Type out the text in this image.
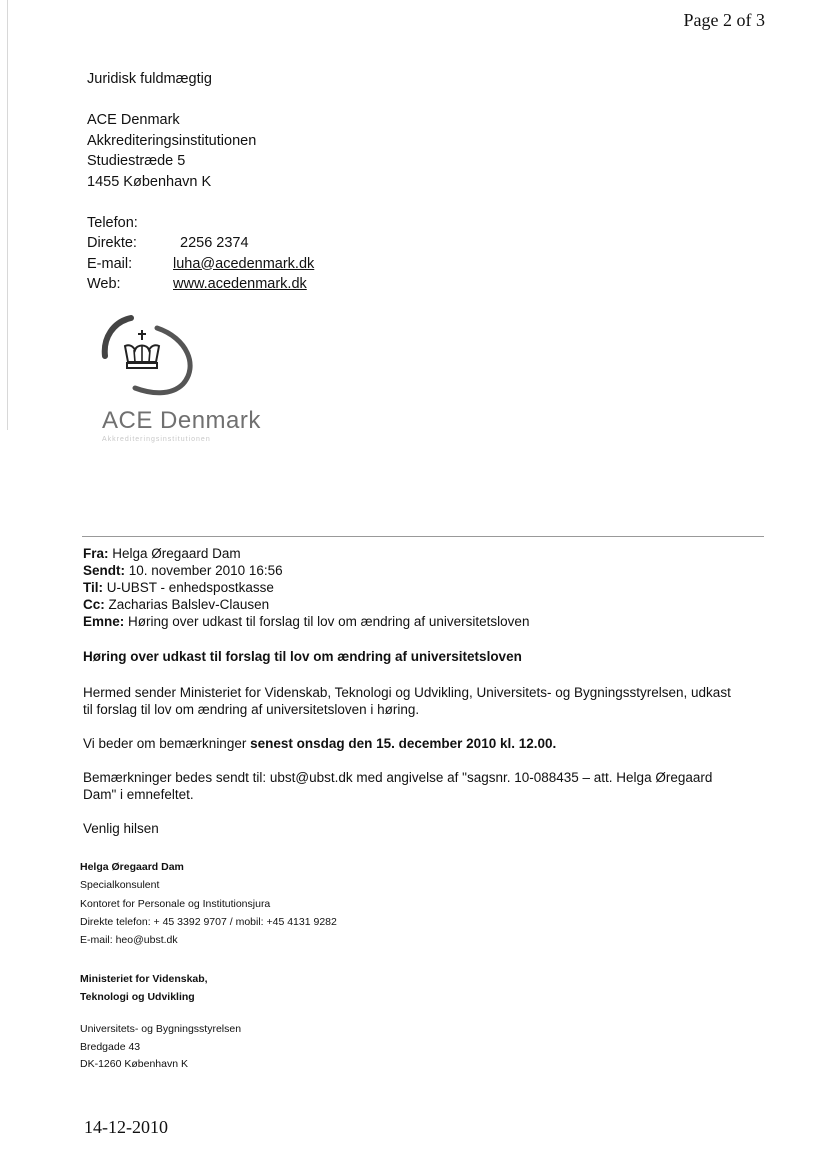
Page 2 of 3
Juridisk fuldmægtig
ACE Denmark
Akkrediteringsinstitutionen
Studiestræde 5
1455 København K
Telefon:
Direkte:	2256 2374
E-mail:	luha@acedenmark.dk
Web:	www.acedenmark.dk
ACE Denmark
Akkrediteringsinstitutionen
Fra: Helga Øregaard Dam
Sendt: 10. november 2010 16:56
Til: U-UBST - enhedspostkasse
Cc: Zacharias Balslev-Clausen
Emne: Høring over udkast til forslag til lov om ændring af universitetsloven
Høring over udkast til forslag til lov om ændring af universitetsloven
Hermed sender Ministeriet for Videnskab, Teknologi og Udvikling, Universitets- og Bygningsstyrelsen, udkast
til forslag til lov om ændring af universitetsloven i høring.
Vi beder om bemærkninger senest onsdag den 15. december 2010 kl. 12.00.
Bemærkninger bedes sendt til: ubst@ubst.dk med angivelse af "sagsnr. 10-088435 – att. Helga Øregaard
Dam" i emnefeltet.
Venlig hilsen
Helga Øregaard Dam
Specialkonsulent
Kontoret for Personale og Institutionsjura
Direkte telefon: + 45 3392 9707 / mobil: +45 4131 9282
E-mail: heo@ubst.dk
Ministeriet for Videnskab,
Teknologi og Udvikling
Universitets- og Bygningsstyrelsen
Bredgade 43
DK-1260 København K
14-12-2010
